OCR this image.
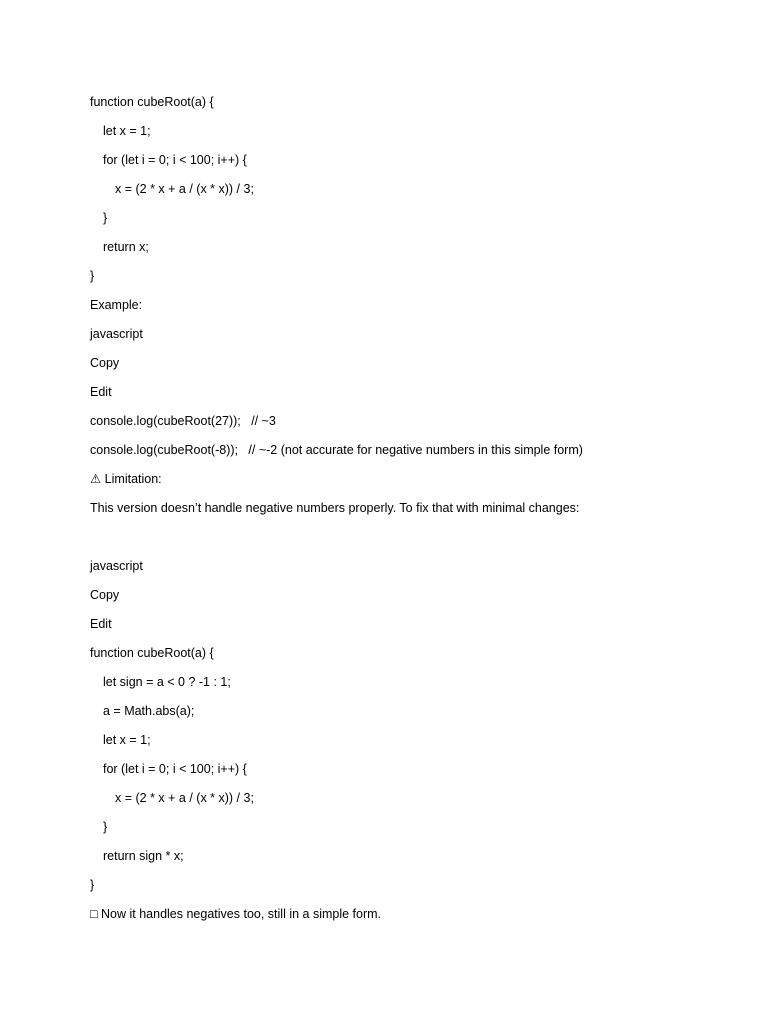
function cubeRoot(a) {
let x = 1;
for (let i = 0; i < 100; i++) {
x = (2 * x + a / (x * x)) / 3;
}
return x;
}
Example:
javascript
Copy
Edit
console.log(cubeRoot(27));   // ~3
console.log(cubeRoot(-8));   // ~-2 (not accurate for negative numbers in this simple form)
⚠ Limitation:
This version doesn’t handle negative numbers properly. To fix that with minimal changes:
javascript
Copy
Edit
function cubeRoot(a) {
let sign = a < 0 ? -1 : 1;
a = Math.abs(a);
let x = 1;
for (let i = 0; i < 100; i++) {
x = (2 * x + a / (x * x)) / 3;
}
return sign * x;
}
□ Now it handles negatives too, still in a simple form.
